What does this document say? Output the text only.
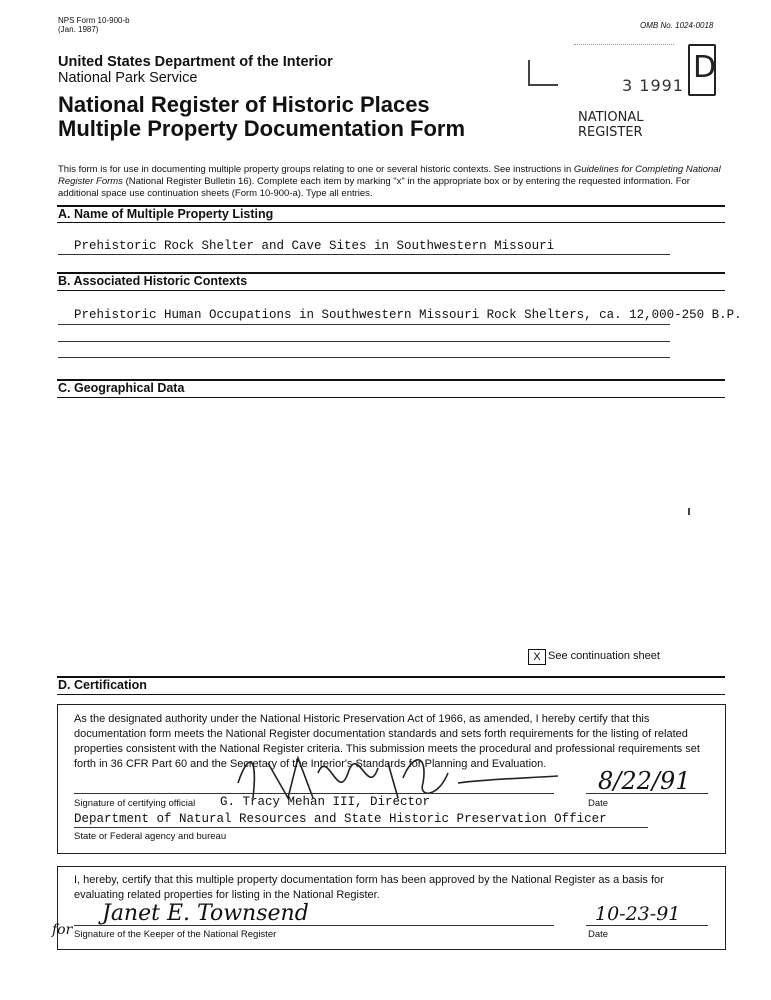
NPS Form 10-900-b
(Jan. 1987)	OMB No. 1024-0018
United States Department of the Interior
National Park Service
National Register of Historic Places
Multiple Property Documentation Form
3 1991
D
NATIONAL
REGISTER
This form is for use in documenting multiple property groups relating to one or several historic contexts. See instructions in Guidelines for Completing National Register Forms (National Register Bulletin 16). Complete each item by marking "x" in the appropriate box or by entering the requested information. For additional space use continuation sheets (Form 10-900-a). Type all entries.
A. Name of Multiple Property Listing
Prehistoric Rock Shelter and Cave Sites in Southwestern Missouri
B. Associated Historic Contexts
Prehistoric Human Occupations in Southwestern Missouri Rock Shelters, ca. 12,000-250 B.P.
C. Geographical Data
X See continuation sheet
D. Certification
As the designated authority under the National Historic Preservation Act of 1966, as amended, I hereby certify that this documentation form meets the National Register documentation standards and sets forth requirements for the listing of related properties consistent with the National Register criteria. This submission meets the procedural and professional requirements set forth in 36 CFR Part 60 and the Secretary of the Interior's Standards for Planning and Evaluation.
Signature of certifying official G. Tracy Mehan III, Director
8/22/91
Date
Department of Natural Resources and State Historic Preservation Officer
State or Federal agency and bureau
I, hereby, certify that this multiple property documentation form has been approved by the National Register as a basis for evaluating related properties for listing in the National Register.
Janet E. Townsend
for Signature of the Keeper of the National Register
10-23-91
Date
